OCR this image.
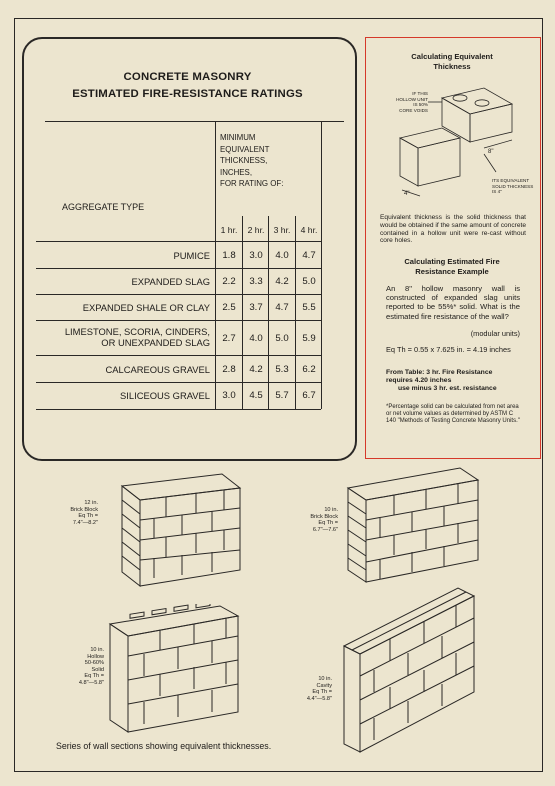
CONCRETE MASONRY
ESTIMATED FIRE-RESISTANCE RATINGS
MINIMUM
EQUIVALENT
THICKNESS,
INCHES,
FOR RATING OF:
AGGREGATE TYPE
1 hr.	2 hr.	3 hr.	4 hr.
PUMICE	1.8	3.0	4.0	4.7
EXPANDED SLAG	2.2	3.3	4.2	5.0
EXPANDED SHALE OR CLAY	2.5	3.7	4.7	5.5
LIMESTONE, SCORIA, CINDERS,
OR UNEXPANDED SLAG	2.7	4.0	5.0	5.9
CALCAREOUS GRAVEL	2.8	4.2	5.3	6.2
SILICEOUS GRAVEL	3.0	4.5	5.7	6.7
Calculating Equivalent
Thickness
IF THIS
HOLLOW UNIT
IS 50%
CORE VOIDS
8"
4"
ITS EQUIVALENT
SOLID THICKNESS
IS 4"
Equivalent thickness is the solid thickness that would be obtained if the same amount of concrete contained in a hollow unit were re-cast without core holes.
Calculating Estimated Fire
Resistance Example
An 8" hollow masonry wall is constructed of expanded slag units reported to be 55%* solid. What is the estimated fire resistance of the wall?
(modular units)
Eq Th = 0.55 x 7.625 in. = 4.19 inches
From Table: 3 hr. Fire Resistance
requires 4.20 inches
use minus 3 hr. est. resistance
*Percentage solid can be calculated from net area or net volume values as determined by ASTM C 140 "Methods of Testing Concrete Masonry Units."
12 in.
Brick Block
Eq Th =
7.4"—8.2"
10 in.
Brick Block
Eq Th =
6.7"—7.6"
10 in.
Hollow
50-60%
Solid
Eq Th =
4.8"—5.8"
10 in.
Cavity
Eq Th =
4.4"—5.8"
Series of wall sections showing equivalent thicknesses.
